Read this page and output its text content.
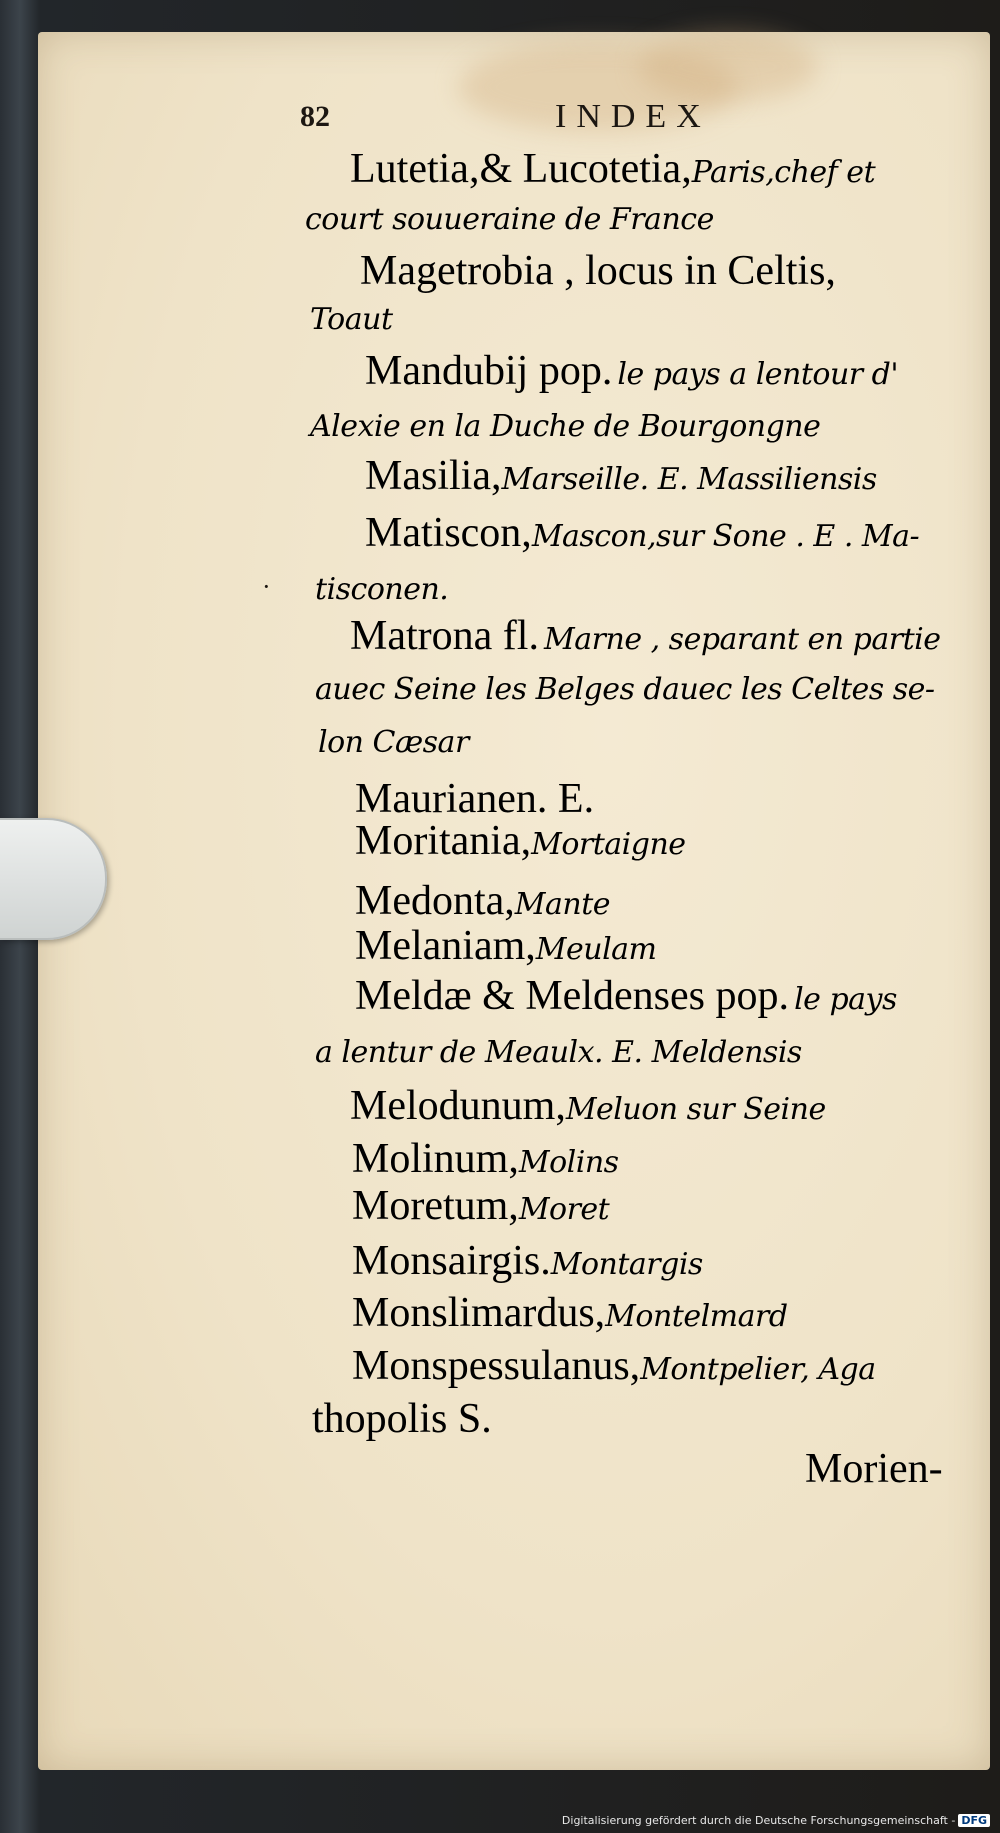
82	INDEX
Lutetia,& Lucotetia,Paris,chef et
court souueraine de France
Magetrobia , locus in Celtis,
Toaut
Mandubij pop. le pays a lentour d'
Alexie en la Duche de Bourgongne
Masilia,Marseille. E. Massiliensis
Matiscon,Mascon,sur Sone . E . Ma-
· tisconen.
Matrona fl. Marne , separant en partie
auec Seine les Belges dauec les Celtes se-
lon Cæsar
Maurianen. E.
Moritania,Mortaigne
Medonta,Mante
Melaniam,Meulam
Meldæ & Meldenses pop. le pays
a lentur de Meaulx. E. Meldensis
Melodunum,Meluon sur Seine
Molinum,Molins
Moretum,Moret
Monsairgis.Montargis
Monslimardus,Montelmard
Monspessulanus,Montpelier, Aga
thopolis S.
Morien-
Digitalisierung gefördert durch die Deutsche Forschungsgemeinschaft - DFG
